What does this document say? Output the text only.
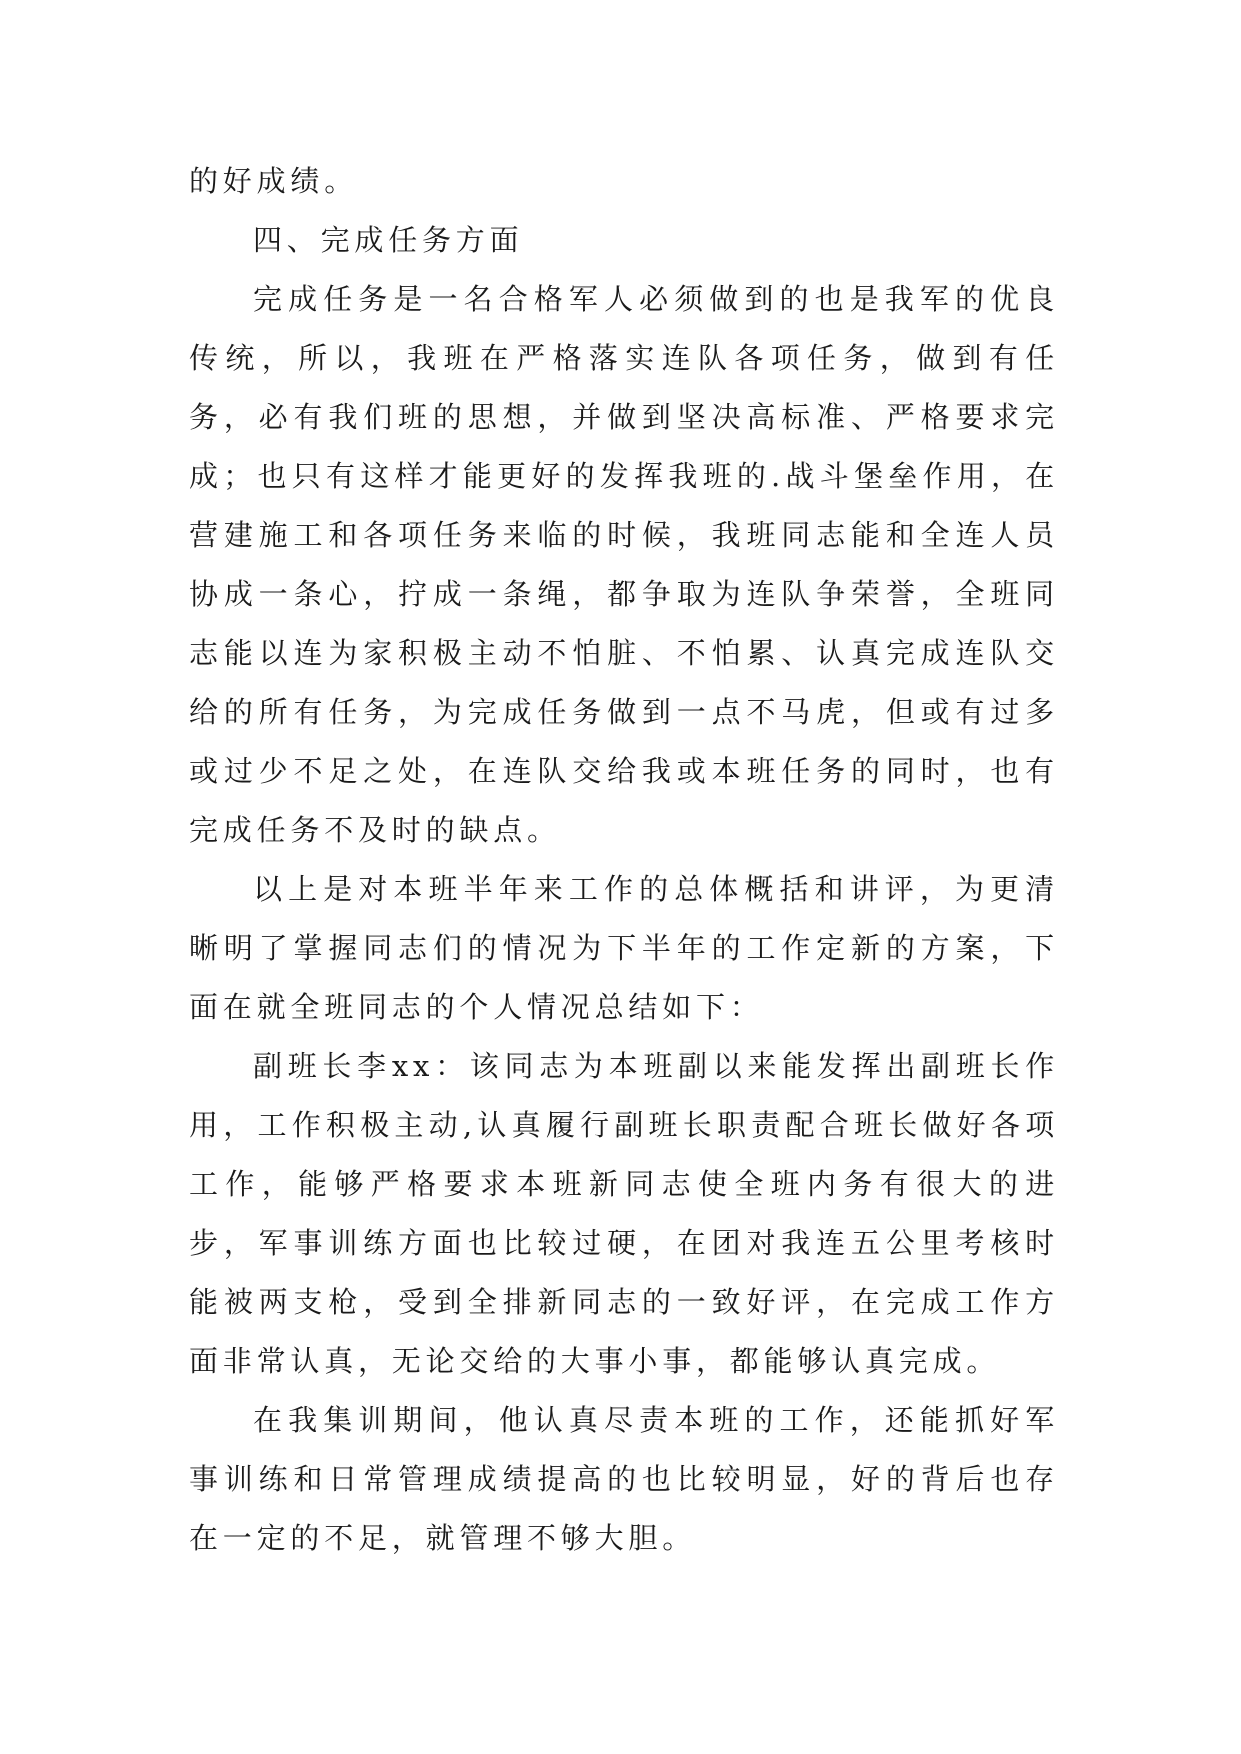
的好成绩。

四、完成任务方面

完成任务是一名合格军人必须做到的也是我军的优良传统，所以，我班在严格落实连队各项任务，做到有任务，必有我们班的思想，并做到坚决高标准、严格要求完成；也只有这样才能更好的发挥我班的.战斗堡垒作用，在营建施工和各项任务来临的时候，我班同志能和全连人员协成一条心，拧成一条绳，都争取为连队争荣誉，全班同志能以连为家积极主动不怕脏、不怕累、认真完成连队交给的所有任务，为完成任务做到一点不马虎，但或有过多或过少不足之处，在连队交给我或本班任务的同时，也有完成任务不及时的缺点。

以上是对本班半年来工作的总体概括和讲评，为更清晰明了掌握同志们的情况为下半年的工作定新的方案，下面在就全班同志的个人情况总结如下：

副班长李xx：该同志为本班副以来能发挥出副班长作用，工作积极主动,认真履行副班长职责配合班长做好各项工作，能够严格要求本班新同志使全班内务有很大的进步，军事训练方面也比较过硬，在团对我连五公里考核时能被两支枪，受到全排新同志的一致好评，在完成工作方面非常认真，无论交给的大事小事，都能够认真完成。

在我集训期间，他认真尽责本班的工作，还能抓好军事训练和日常管理成绩提高的也比较明显，好的背后也存在一定的不足，就管理不够大胆。
